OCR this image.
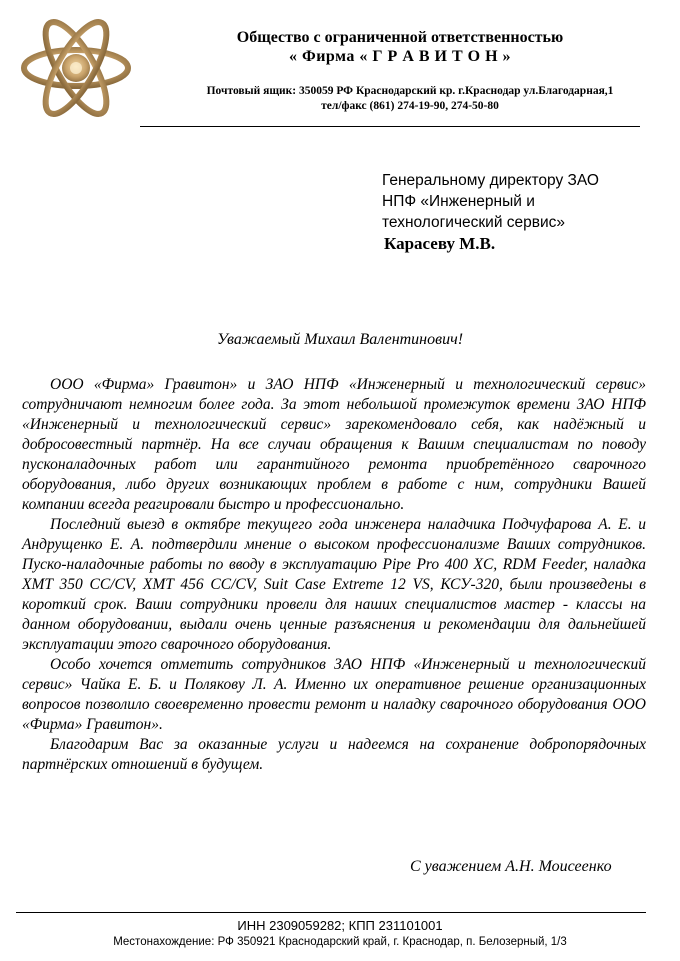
Общество с ограниченной ответственностью
« Фирма « Г Р А В И Т О Н »
Почтовый ящик: 350059 РФ Краснодарский кр. г.Краснодар ул.Благодарная,1
тел/факс (861) 274-19-90, 274-50-80
Генеральному директору ЗАО
НПФ «Инженерный и
технологический сервис»
Карасеву М.В.
Уважаемый Михаил Валентинович!

ООО «Фирма» Гравитон» и ЗАО НПФ «Инженерный и технологический сервис» сотрудничают немногим более года. За этот небольшой промежуток времени ЗАО НПФ «Инженерный и технологический сервис» зарекомендовало себя, как надёжный и добросовестный партнёр. На все случаи обращения к Вашим специалистам по поводу пусконаладочных работ или гарантийного ремонта приобретённого сварочного оборудования, либо других возникающих проблем в работе с ним, сотрудники Вашей компании всегда реагировали быстро и профессионально.

Последний выезд в октябре текущего года инженера наладчика Подчуфарова А. Е. и Андрущенко Е. А. подтвердили мнение о высоком профессионализме Ваших сотрудников. Пуско-наладочные работы по вводу в эксплуатацию Pipe Pro 400 XC, RDM Feeder, наладка XMT 350 CC/CV, XMT 456 CC/CV, Suit Case Extreme 12 VS, КСУ-320, были произведены в короткий срок. Ваши сотрудники провели для наших специалистов мастер - классы на данном оборудовании, выдали очень ценные разъяснения и рекомендации для дальнейшей эксплуатации этого сварочного оборудования.

Особо хочется отметить сотрудников ЗАО НПФ «Инженерный и технологический сервис» Чайка Е. Б. и Полякову Л. А. Именно их оперативное решение организационных вопросов позволило своевременно провести ремонт и наладку сварочного оборудования ООО «Фирма» Гравитон».

Благодарим Вас за оказанные услуги и надеемся на сохранение добропорядочных партнёрских отношений в будущем.

С уважением А.Н. Моисеенко
ИНН 2309059282; КПП 231101001
Местонахождение: РФ 350921 Краснодарский край, г. Краснодар, п. Белозерный, 1/3
